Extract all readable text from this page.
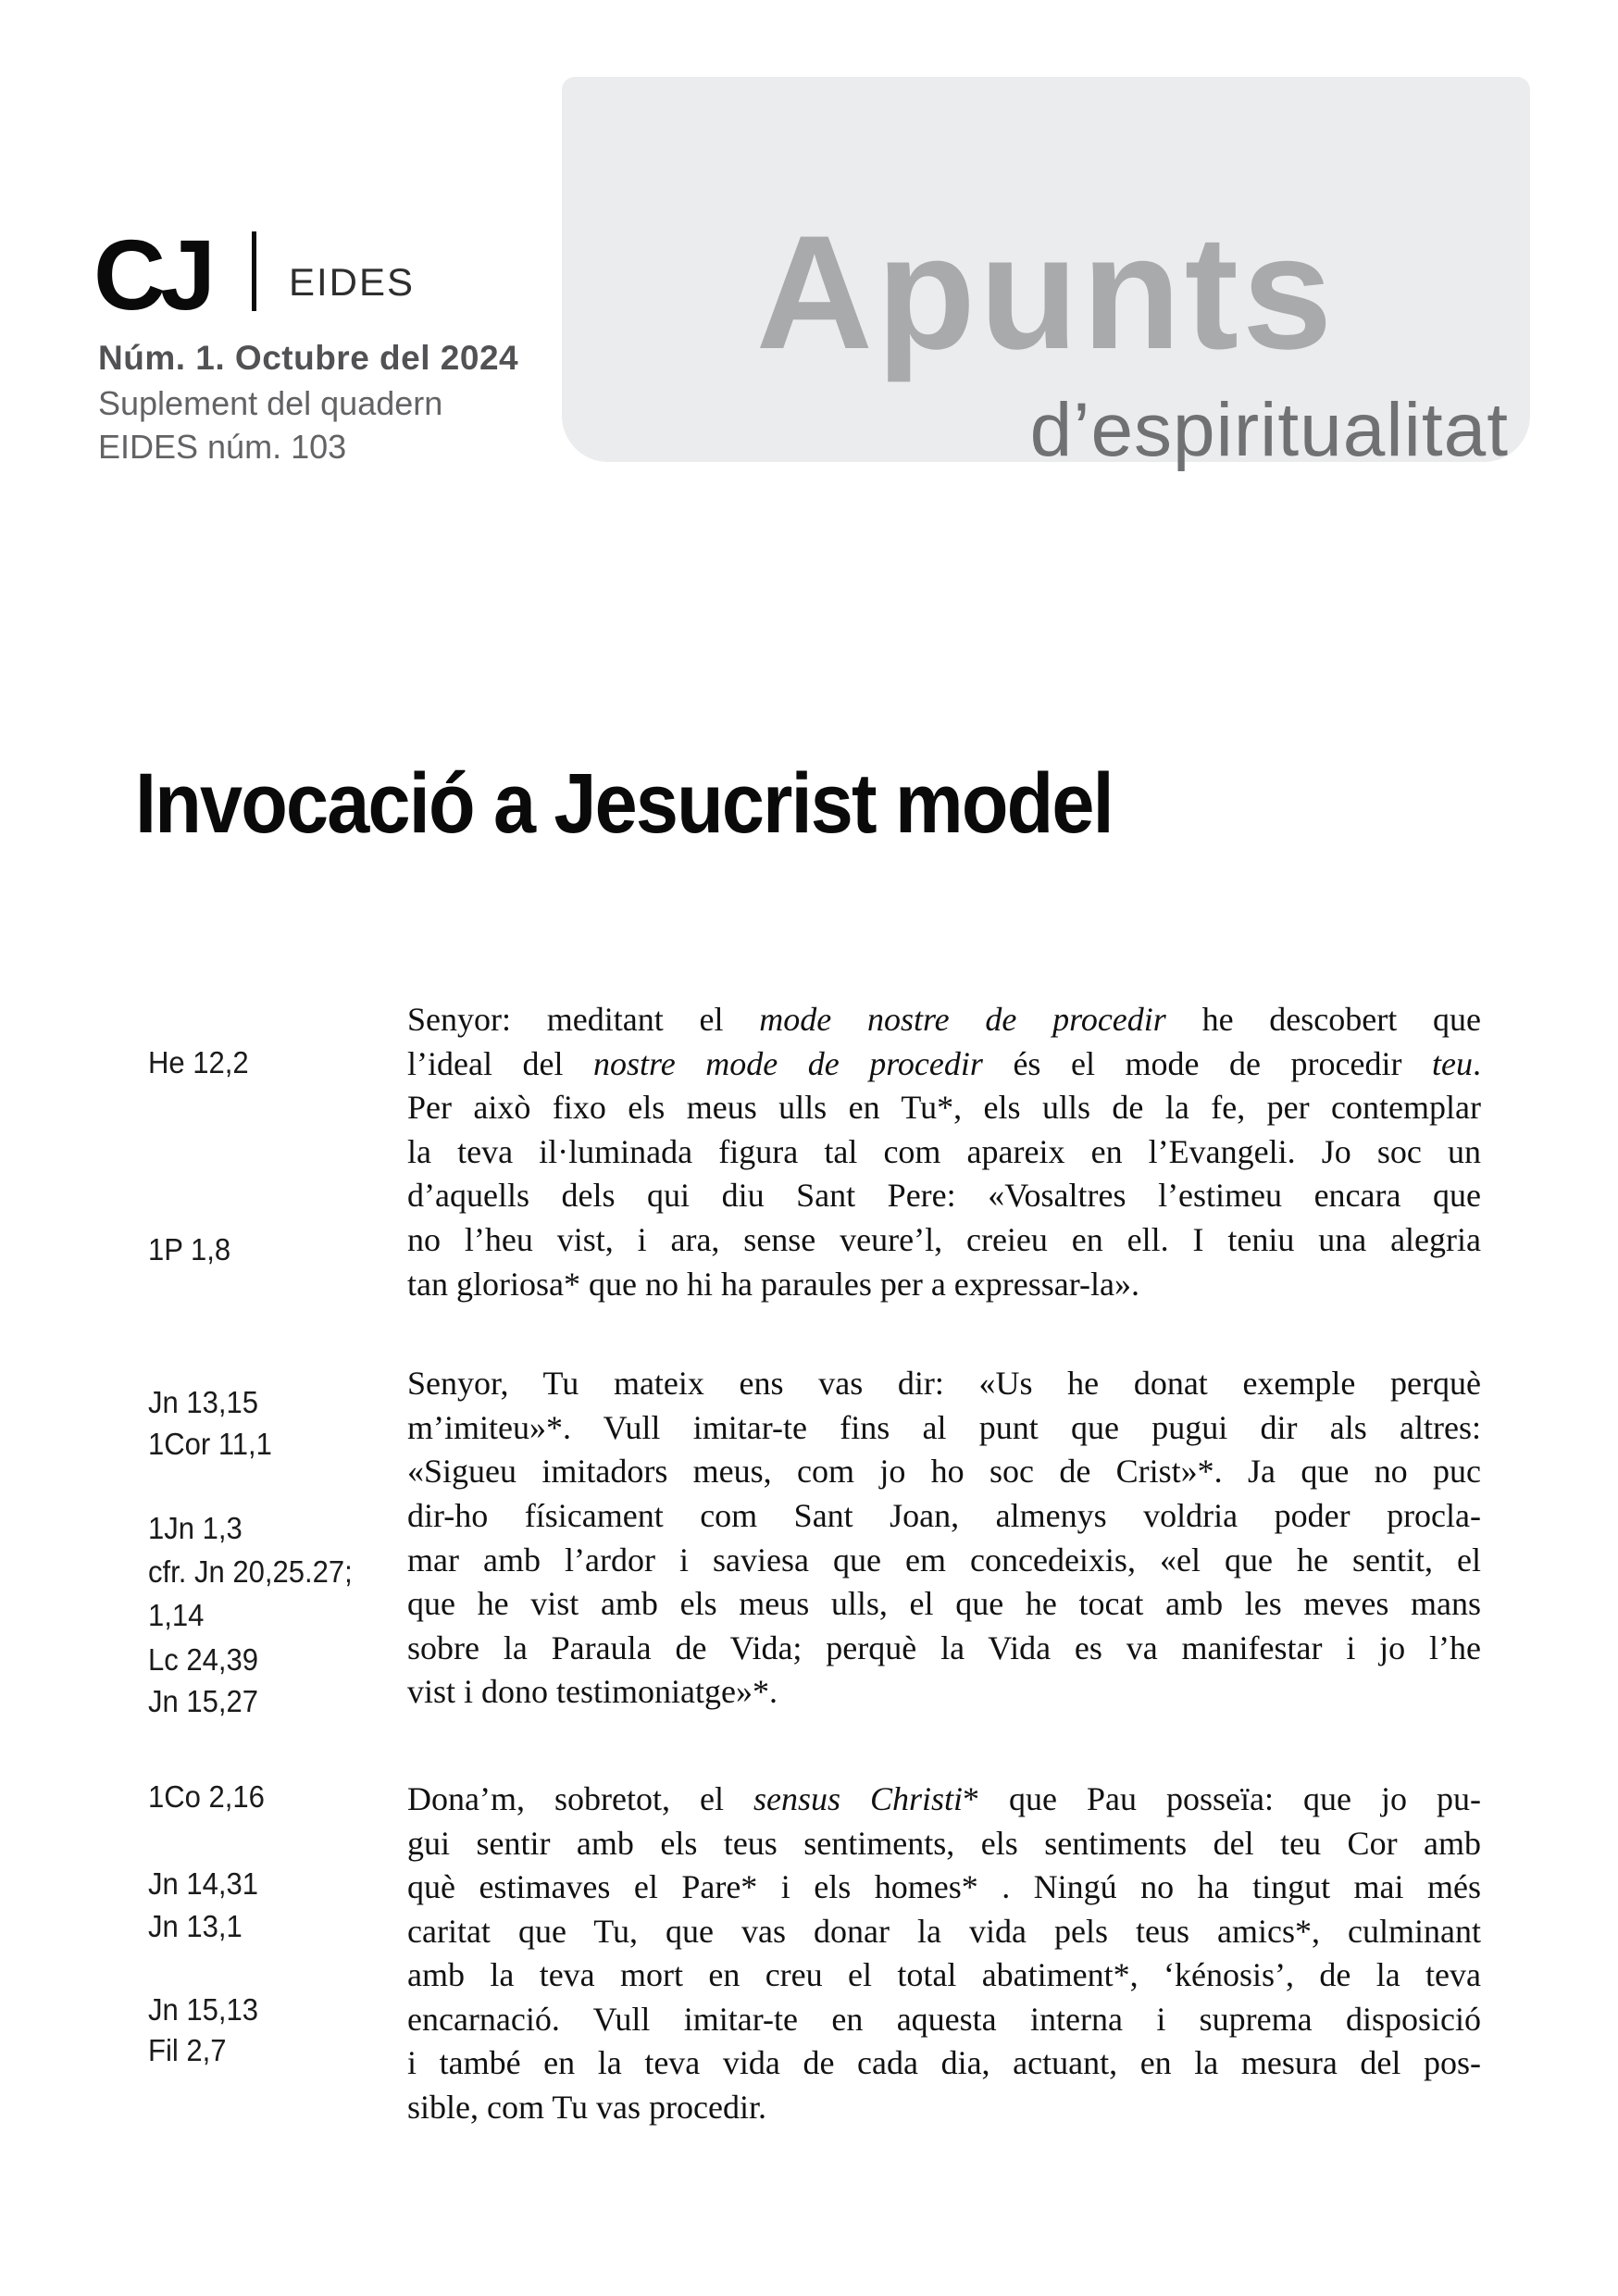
Apunts
d’espiritualitat
CJ EIDES
Núm. 1. Octubre del 2024
Suplement del quadern
EIDES núm. 103
Invocació a Jesucrist model
He 12,2
1P 1,8
Jn 13,15
1Cor 11,1
1Jn 1,3
cfr. Jn 20,25.27;
1,14
Lc 24,39
Jn 15,27
1Co 2,16
Jn 14,31
Jn 13,1
Jn 15,13
Fil 2,7
Senyor: meditant el mode nostre de procedir he descobert que
l’ideal del nostre mode de procedir és el mode de procedir teu.
Per això fixo els meus ulls en Tu*, els ulls de la fe, per contemplar
la teva il·luminada figura tal com apareix en l’Evangeli. Jo soc un
d’aquells dels qui diu Sant Pere: «Vosaltres l’estimeu encara que
no l’heu vist, i ara, sense veure’l, creieu en ell. I teniu una alegria
tan gloriosa* que no hi ha paraules per a expressar-la».
Senyor, Tu mateix ens vas dir: «Us he donat exemple perquè
m’imiteu»*. Vull imitar-te fins al punt que pugui dir als altres:
«Sigueu imitadors meus, com jo ho soc de Crist»*. Ja que no puc
dir-ho físicament com Sant Joan, almenys voldria poder procla-
mar amb l’ardor i saviesa que em concedeixis, «el que he sentit, el
que he vist amb els meus ulls, el que he tocat amb les meves mans
sobre la Paraula de Vida; perquè la Vida es va manifestar i jo l’he
vist i dono testimoniatge»*.
Dona’m, sobretot, el sensus Christi* que Pau posseïa: que jo pu-
gui sentir amb els teus sentiments, els sentiments del teu Cor amb
què estimaves el Pare* i els homes* . Ningú no ha tingut mai més
caritat que Tu, que vas donar la vida pels teus amics*, culminant
amb la teva mort en creu el total abatiment*, ‘kénosis’, de la teva
encarnació. Vull imitar-te en aquesta interna i suprema disposició
i també en la teva vida de cada dia, actuant, en la mesura del pos-
sible, com Tu vas procedir.
